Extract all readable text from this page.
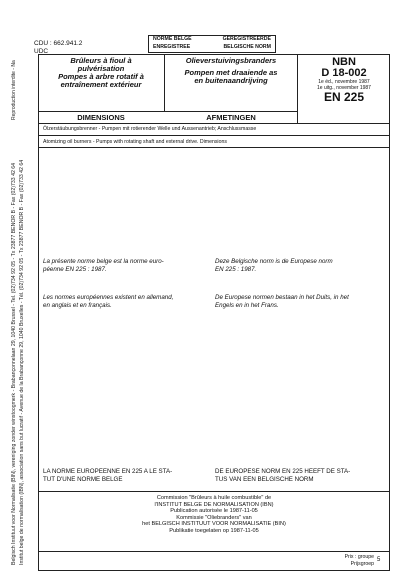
CDU : 662.941.2
UDC
NORME BELGE	GEREGISTREERDE
ENREGISTREE	BELGISCHE NORM
Belgisch Instituut voor Normalisatie (BIN), vereniging zonder winstoogmerk - Brabançonnelaan 29, 1040 Brussel - Tel. (02)734 92 05 - Tx 23877 BENOR B - Fax (02)733 42 64 Institut belge de normalisation (IBN), association sans but lucratif - Avenue de la Brabançonne 29, 1040 Bruxelles - Tél. (02)734 92 05 - Tx 23877 BENOR B - Fax (02)733 42 64
Reproduction interdite - Nadruk verboden	Brûleurs à fioul à
pulvérisation
Pompes à arbre rotatif à
entraînement extérieur
Olieverstuivingsbranders
Pompen met draaiende as
en buitenaandrijving
DIMENSIONS	AFMETINGEN
NBN
D 18-002
1e éd., novembre 1987
1e uitg., november 1987
EN 225
Ölzerstäubungsbrenner - Pumpen mit rotierender Welle und Aussenantrieb; Anschlussmasse
Atomizing oil burners - Pumps with rotating shaft and external drive. Dimensions
La présente norme belge est la norme euro-
péenne EN 225 : 1987.
Deze Belgische norm is de Europese norm
EN 225 : 1987.
Les normes européennes existent en allemand,
en anglais et en français.
De Europese normen bestaan in het Duits, in het
Engels en in het Frans.
LA NORME EUROPEENNE EN 225 A LE STA-
TUT D'UNE NORME BELGE
DE EUROPESE NORM EN 225 HEEFT DE STA-
TUS VAN EEN BELGISCHE NORM
Commission "Brûleurs à huile combustible" de
l'INSTITUT BELGE DE NORMALISATION (IBN)
Publication autorisée le 1987-11-05
Kommissie "Oliebranders" van
het BELGISCH INSTITUUT VOOR NORMALISATIE (BIN)
Publikatie toegelaten op 1987-11-05
Prix : groupe
Prijsgroep
5
